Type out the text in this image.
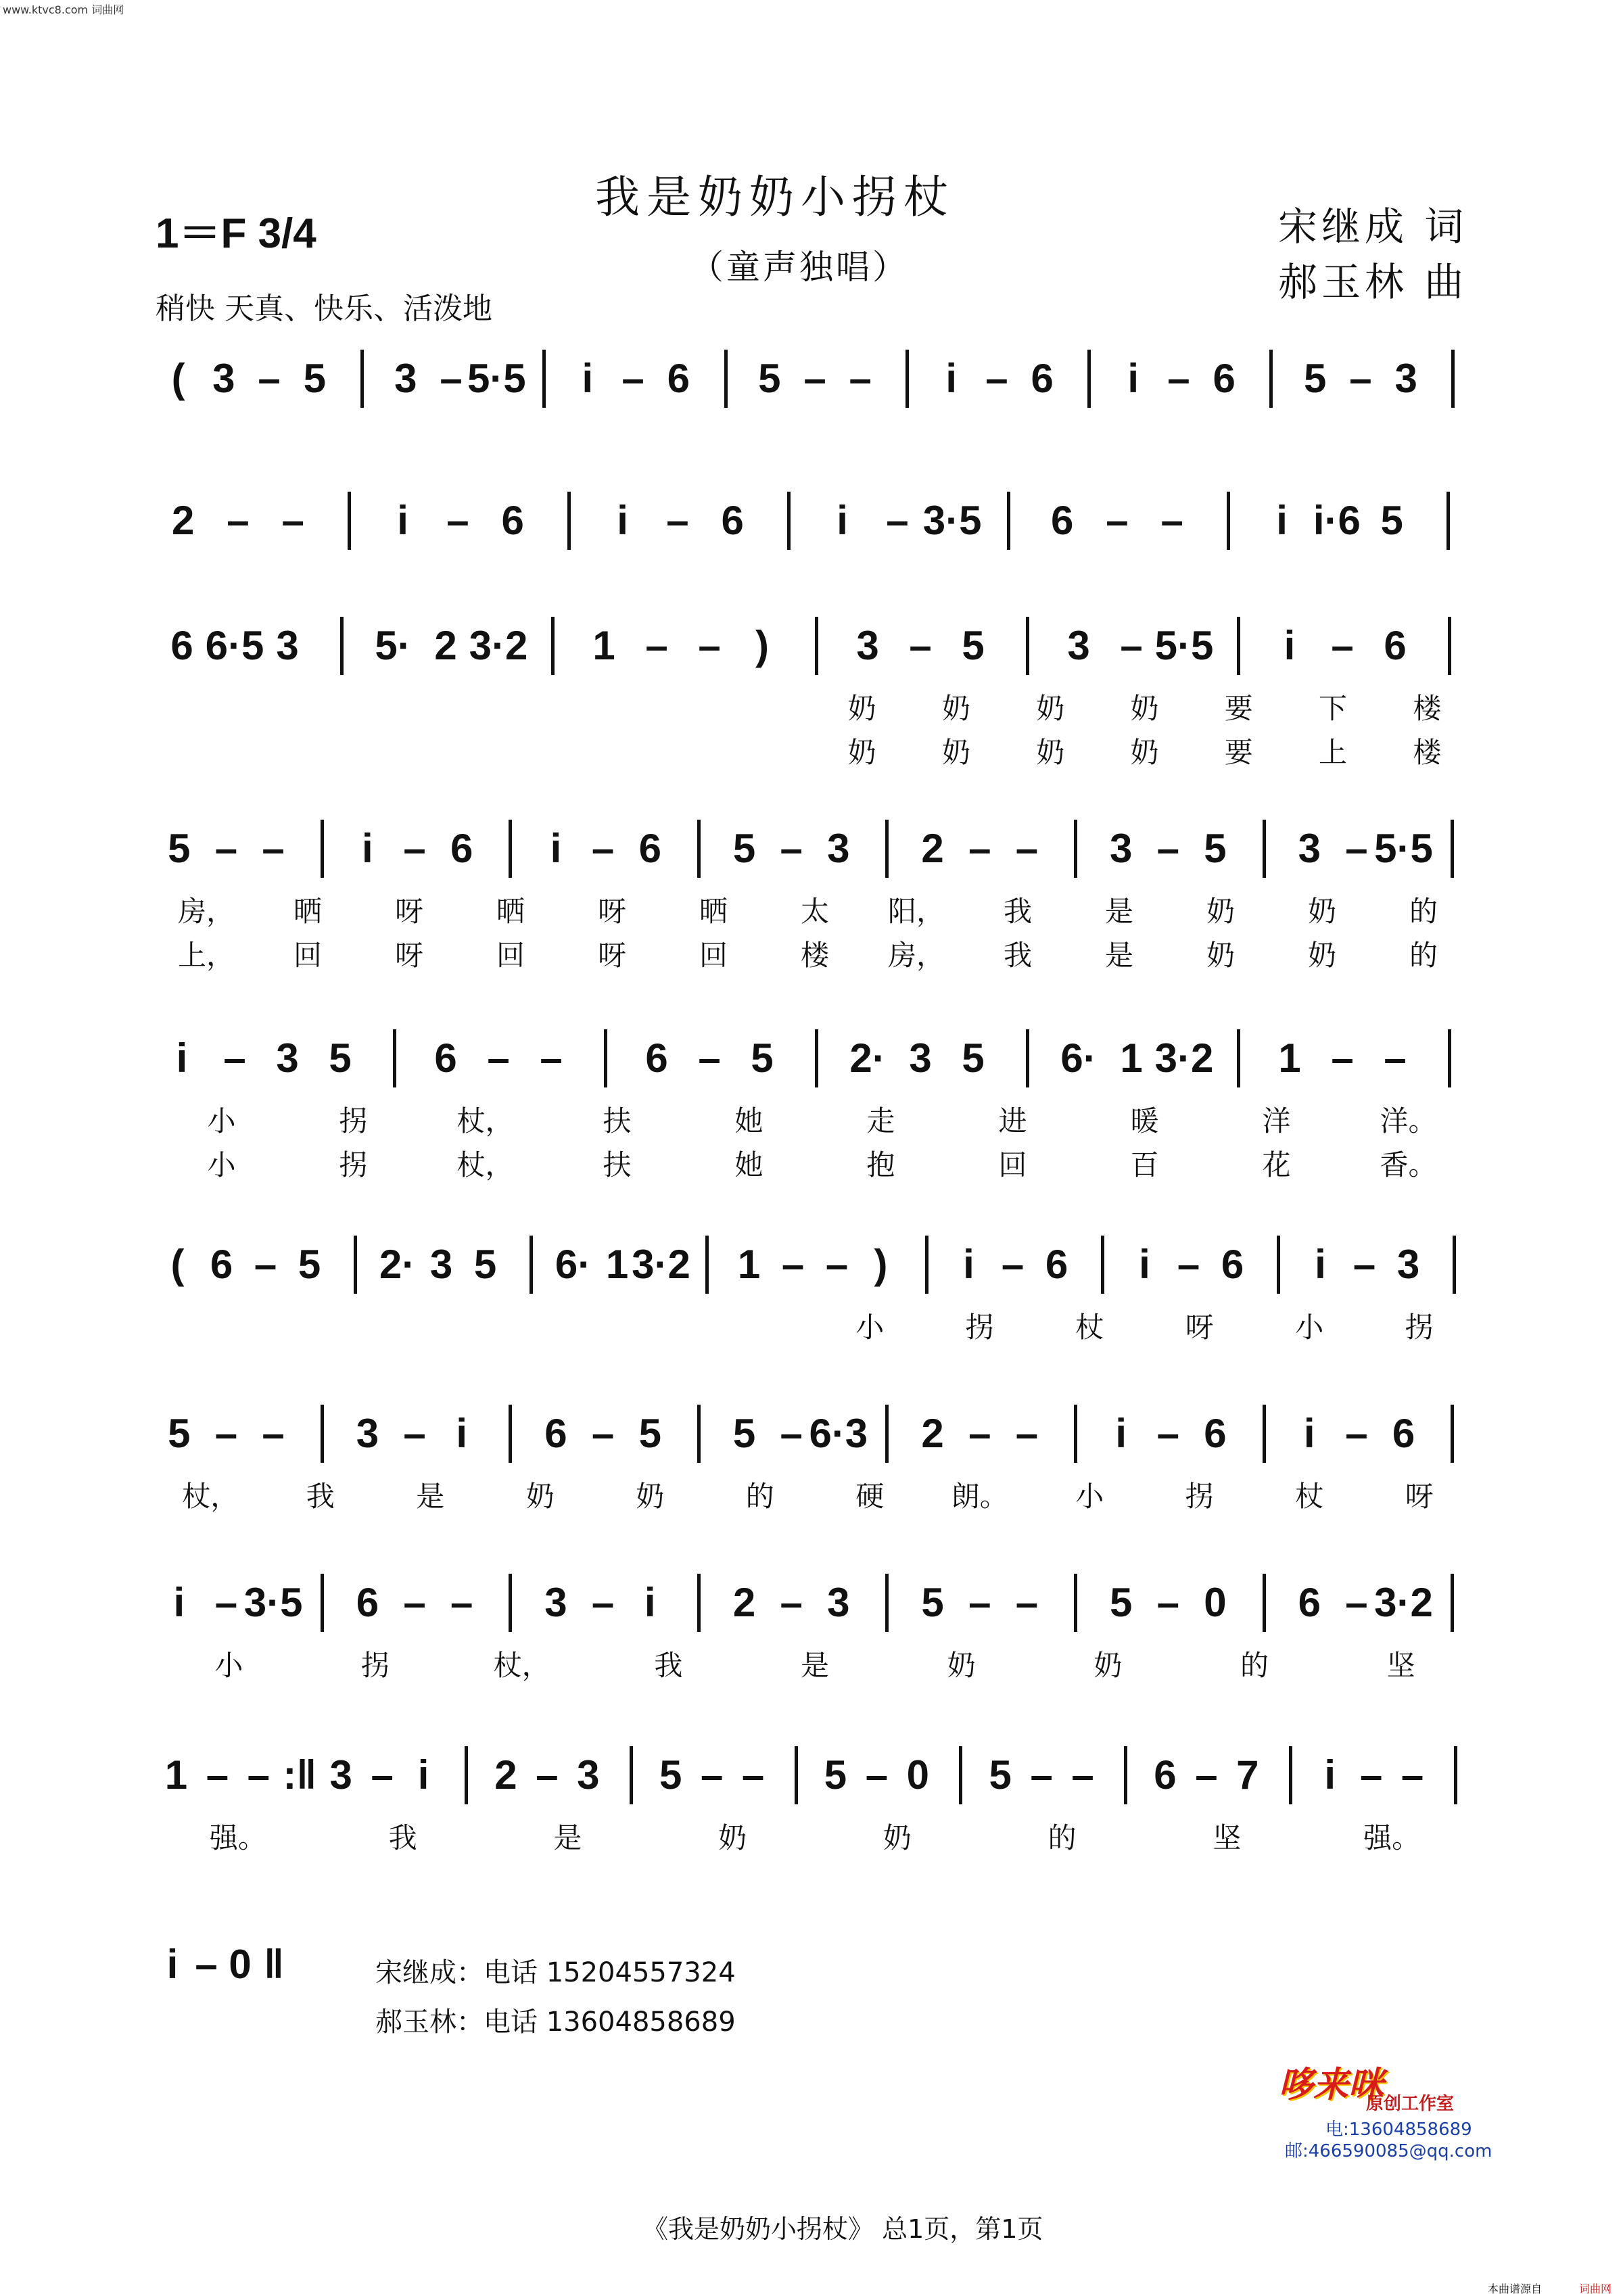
www.ktvc8.com 词曲网
我是奶奶小拐杖
（童声独唱）
1＝F 3/4
稍快 天真、快乐、活泼地
宋继成 词
郝玉林 曲
( 3 – 5 3 – 5·5 i – 6 5 – – i – 6 i – 6 5 – 3
2 – – i – 6 i – 6 i – 3·5 6 – – i i·6 5
6 6·5 3 5· 2 3·2 1 – – ) 3 – 5 3 – 5·5 i – 6
奶 奶 奶 奶 要 下 楼
奶 奶 奶 奶 要 上 楼
5 – – i – 6 i – 6 5 – 3 2 – – 3 – 5 3 – 5·5
房， 晒	呀	晒	呀	晒	太 阳， 我	是	奶	奶	的
上， 回	呀	回	呀	回	楼 房， 我	是	奶	奶	的
i – 3 5 6 – – 6 – 5 2· 3 5 6· 1 3·2 1 – –
小	拐	杖，	扶	她	走	进	暖	洋	洋。
小	拐	杖，	扶	她	抱	回	百	花	香。
( 6 – 5 2· 3 5 6· 1 3·2 1 – – ) i – 6 i – 6 i – 3
小	拐	杖	呀	小	拐
5 – – 3 – i 6 – 5 5 – 6·3 2 – – i – 6 i – 6
杖， 我	是	奶	奶	的	硬 朗。 小	拐	杖	呀
i – 3·5 6 – – 3 – i 2 – 3 5 – – 5 – 0 6 – 3·2
小	拐	杖，	我	是	奶	奶	的	坚
1 – – :‖ 3 – i 2 – 3 5 – – 5 – 0 5 – – 6 – 7 i – –
强。	我	是	奶	奶	的	坚	强。
i – 0 ‖	宋继成：电话 15204557324
郝玉林：电话 13604858689
哆来咪
原创工作室
电:13604858689
邮:466590085@qq.com
《我是奶奶小拐杖》 总1页，第1页
本曲谱源自	词曲网
